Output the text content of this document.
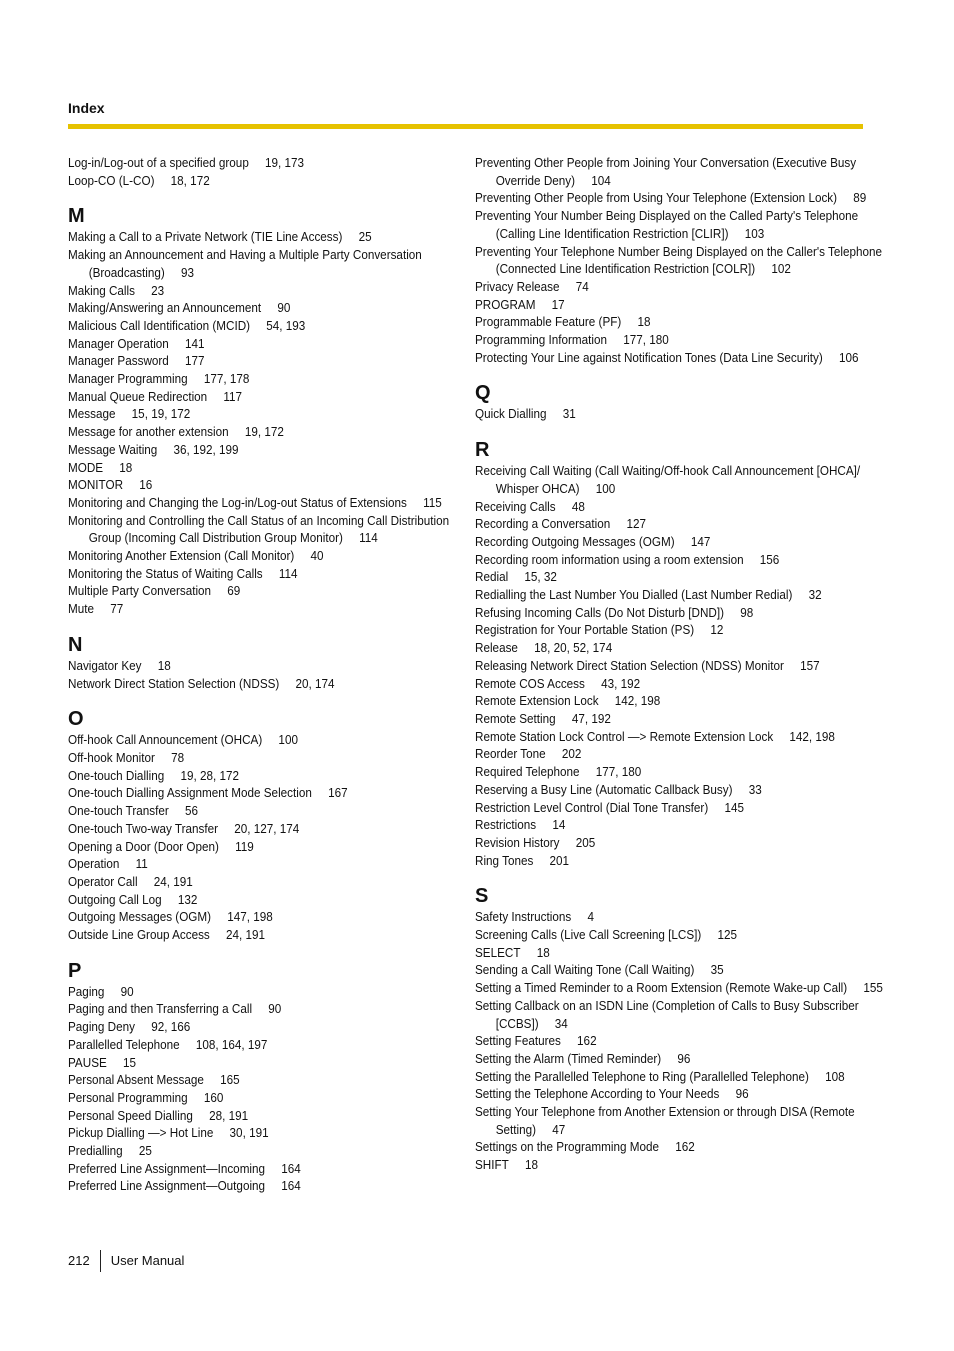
Index
Log-in/Log-out of a specified group 19, 173
Loop-CO (L-CO) 18, 172
M
Making a Call to a Private Network (TIE Line Access) 25
Making an Announcement and Having a Multiple Party Conversation (Broadcasting) 93
Making Calls 23
Making/Answering an Announcement 90
Malicious Call Identification (MCID) 54, 193
Manager Operation 141
Manager Password 177
Manager Programming 177, 178
Manual Queue Redirection 117
Message 15, 19, 172
Message for another extension 19, 172
Message Waiting 36, 192, 199
MODE 18
MONITOR 16
Monitoring and Changing the Log-in/Log-out Status of Extensions 115
Monitoring and Controlling the Call Status of an Incoming Call Distribution Group (Incoming Call Distribution Group Monitor) 114
Monitoring Another Extension (Call Monitor) 40
Monitoring the Status of Waiting Calls 114
Multiple Party Conversation 69
Mute 77
N
Navigator Key 18
Network Direct Station Selection (NDSS) 20, 174
O
Off-hook Call Announcement (OHCA) 100
Off-hook Monitor 78
One-touch Dialling 19, 28, 172
One-touch Dialling Assignment Mode Selection 167
One-touch Transfer 56
One-touch Two-way Transfer 20, 127, 174
Opening a Door (Door Open) 119
Operation 11
Operator Call 24, 191
Outgoing Call Log 132
Outgoing Messages (OGM) 147, 198
Outside Line Group Access 24, 191
P
Paging 90
Paging and then Transferring a Call 90
Paging Deny 92, 166
Parallelled Telephone 108, 164, 197
PAUSE 15
Personal Absent Message 165
Personal Programming 160
Personal Speed Dialling 28, 191
Pickup Dialling —> Hot Line 30, 191
Predialling 25
Preferred Line Assignment—Incoming 164
Preferred Line Assignment—Outgoing 164
Preventing Other People from Joining Your Conversation (Executive Busy Override Deny) 104
Preventing Other People from Using Your Telephone (Extension Lock) 89
Preventing Your Number Being Displayed on the Called Party's Telephone (Calling Line Identification Restriction [CLIR]) 103
Preventing Your Telephone Number Being Displayed on the Caller's Telephone (Connected Line Identification Restriction [COLR]) 102
Privacy Release 74
PROGRAM 17
Programmable Feature (PF) 18
Programming Information 177, 180
Protecting Your Line against Notification Tones (Data Line Security) 106
Q
Quick Dialling 31
R
Receiving Call Waiting (Call Waiting/Off-hook Call Announcement [OHCA]/ Whisper OHCA) 100
Receiving Calls 48
Recording a Conversation 127
Recording Outgoing Messages (OGM) 147
Recording room information using a room extension 156
Redial 15, 32
Redialling the Last Number You Dialled (Last Number Redial) 32
Refusing Incoming Calls (Do Not Disturb [DND]) 98
Registration for Your Portable Station (PS) 12
Release 18, 20, 52, 174
Releasing Network Direct Station Selection (NDSS) Monitor 157
Remote COS Access 43, 192
Remote Extension Lock 142, 198
Remote Setting 47, 192
Remote Station Lock Control —> Remote Extension Lock 142, 198
Reorder Tone 202
Required Telephone 177, 180
Reserving a Busy Line (Automatic Callback Busy) 33
Restriction Level Control (Dial Tone Transfer) 145
Restrictions 14
Revision History 205
Ring Tones 201
S
Safety Instructions 4
Screening Calls (Live Call Screening [LCS]) 125
SELECT 18
Sending a Call Waiting Tone (Call Waiting) 35
Setting a Timed Reminder to a Room Extension (Remote Wake-up Call) 155
Setting Callback on an ISDN Line (Completion of Calls to Busy Subscriber [CCBS]) 34
Setting Features 162
Setting the Alarm (Timed Reminder) 96
Setting the Parallelled Telephone to Ring (Parallelled Telephone) 108
Setting the Telephone According to Your Needs 96
Setting Your Telephone from Another Extension or through DISA (Remote Setting) 47
Settings on the Programming Mode 162
SHIFT 18
212	User Manual
